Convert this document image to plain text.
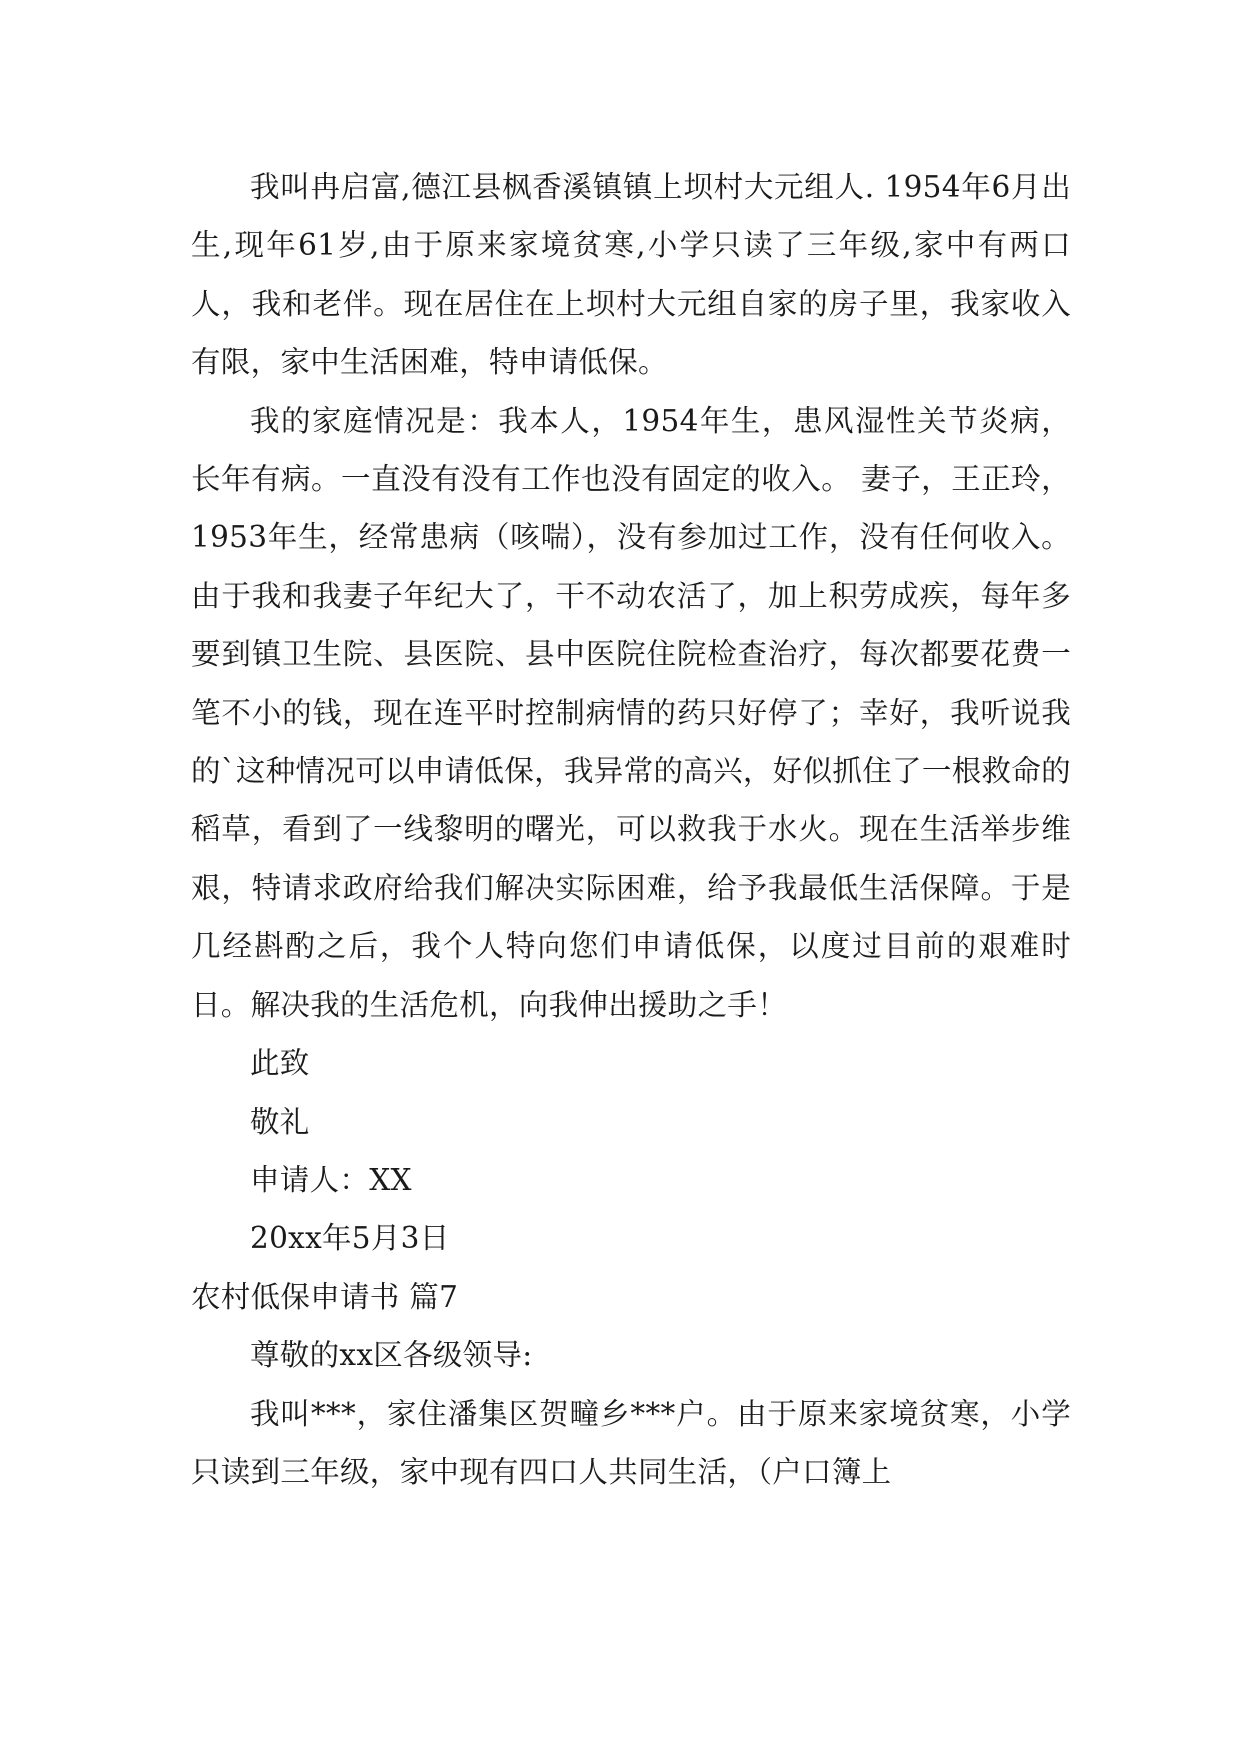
我叫冉启富,德江县枫香溪镇镇上坝村大元组人. 1954年6月出生,现年61岁,由于原来家境贫寒,小学只读了三年级,家中有两口人，我和老伴。现在居住在上坝村大元组自家的房子里，我家收入有限，家中生活困难，特申请低保。

我的家庭情况是：我本人，1954年生，患风湿性关节炎病，长年有病。一直没有没有工作也没有固定的收入。 妻子，王正玲，1953年生，经常患病（咳喘），没有参加过工作，没有任何收入。 由于我和我妻子年纪大了，干不动农活了，加上积劳成疾，每年多要到镇卫生院、县医院、县中医院住院检查治疗，每次都要花费一笔不小的钱，现在连平时控制病情的药只好停了；幸好，我听说我的`这种情况可以申请低保，我异常的高兴，好似抓住了一根救命的稻草，看到了一线黎明的曙光，可以救我于水火。现在生活举步维艰，特请求政府给我们解决实际困难，给予我最低生活保障。于是几经斟酌之后，我个人特向您们申请低保，以度过目前的艰难时日。解决我的生活危机，向我伸出援助之手！

此致

敬礼

申请人：XX

20xx年5月3日

农村低保申请书 篇7

尊敬的xx区各级领导:

我叫***，家住潘集区贺疃乡***户。由于原来家境贫寒，小学只读到三年级，家中现有四口人共同生活，（户口簿上
